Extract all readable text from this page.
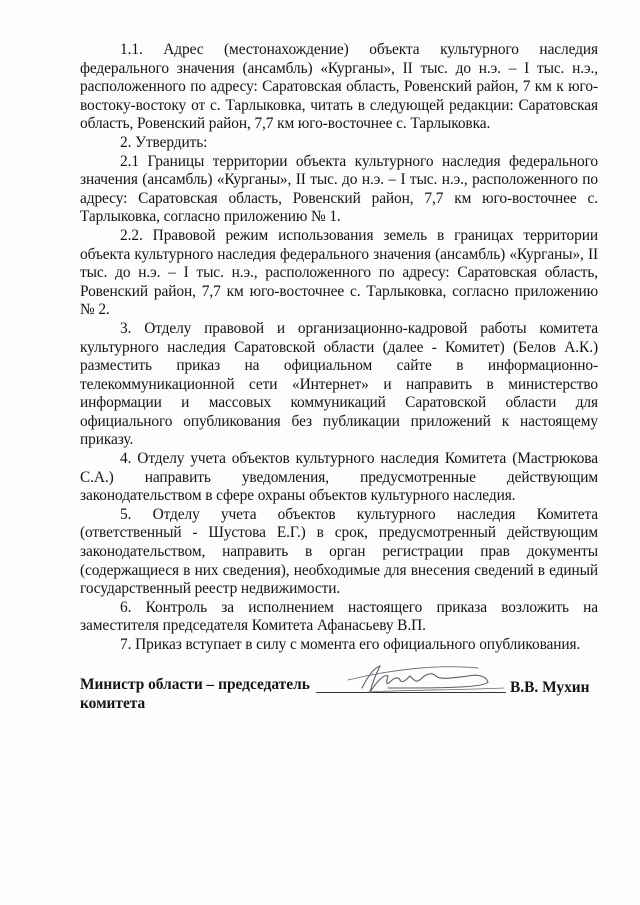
1.1. Адрес (местонахождение) объекта культурного наследия федерального значения (ансамбль) «Курганы», II тыс. до н.э. – I тыс. н.э., расположенного по адресу: Саратовская область, Ровенский район, 7 км к юго-востоку-востоку от с. Тарлыковка, читать в следующей редакции: Саратовская область, Ровенский район, 7,7 км юго-восточнее с. Тарлыковка.

2. Утвердить:

2.1 Границы территории объекта культурного наследия федерального значения (ансамбль) «Курганы», II тыс. до н.э. – I тыс. н.э., расположенного по адресу: Саратовская область, Ровенский район, 7,7 км юго-восточнее с. Тарлыковка, согласно приложению № 1.

2.2. Правовой режим использования земель в границах территории объекта культурного наследия федерального значения (ансамбль) «Курганы», II тыс. до н.э. – I тыс. н.э., расположенного по адресу: Саратовская область, Ровенский район, 7,7 км юго-восточнее с. Тарлыковка, согласно приложению № 2.

3. Отделу правовой и организационно-кадровой работы комитета культурного наследия Саратовской области (далее - Комитет) (Белов А.К.) разместить приказ на официальном сайте в информационно-телекоммуникационной сети «Интернет» и направить в министерство информации и массовых коммуникаций Саратовской области для официального опубликования без публикации приложений к настоящему приказу.

4. Отделу учета объектов культурного наследия Комитета (Мастрюкова С.А.) направить уведомления, предусмотренные действующим законодательством в сфере охраны объектов культурного наследия.

5. Отделу учета объектов культурного наследия Комитета (ответственный - Шустова Е.Г.) в срок, предусмотренный действующим законодательством, направить в орган регистрации прав документы (содержащиеся в них сведения), необходимые для внесения сведений в единый государственный реестр недвижимости.

6. Контроль за исполнением настоящего приказа возложить на заместителя председателя Комитета Афанасьеву В.П.

7. Приказ вступает в силу с момента его официального опубликования.

Министр области – председатель комитета
В.В. Мухин
